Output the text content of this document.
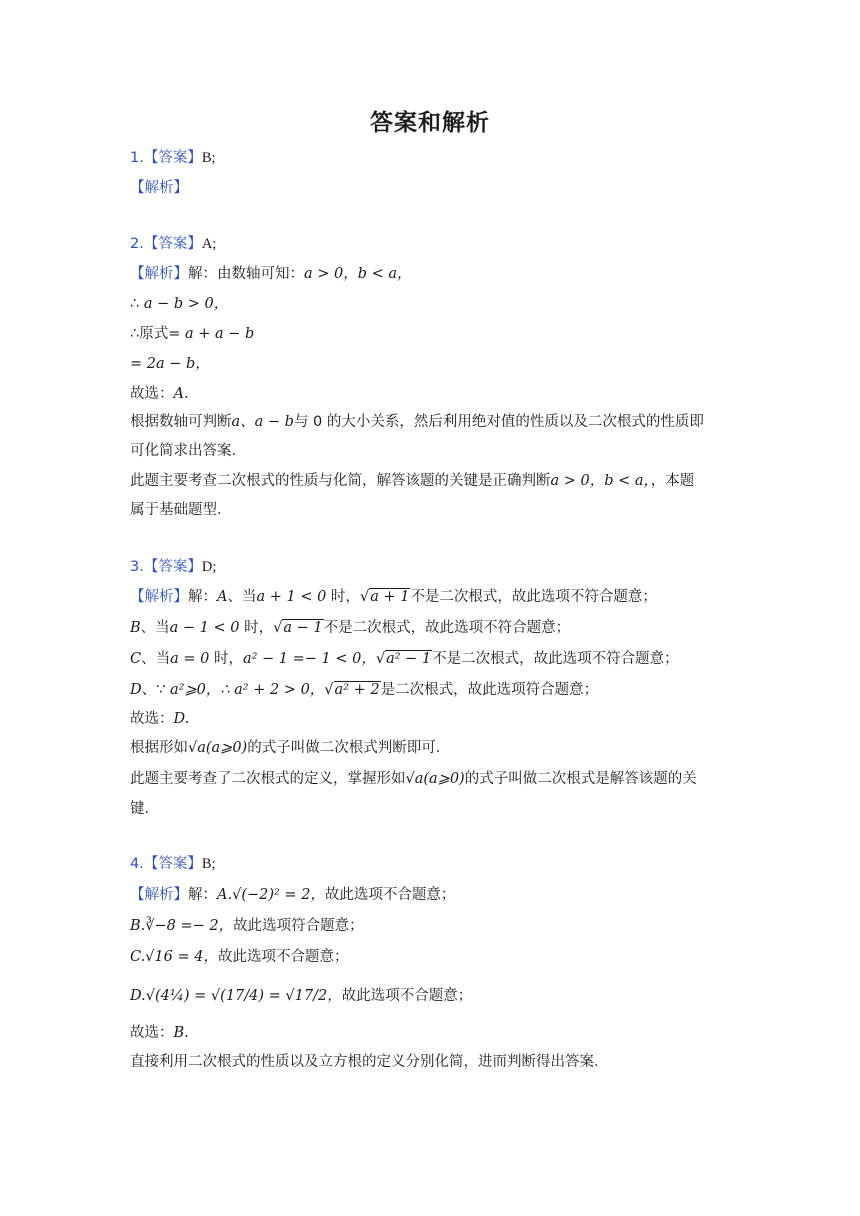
答案和解析
1.【答案】B;
【解析】
2.【答案】A;
【解析】解：由数轴可知：a > 0，b < a，
∴ a − b > 0，
∴原式= a + a − b
= 2a − b，
故选：A.
根据数轴可判断a、a − b与 0 的大小关系，然后利用绝对值的性质以及二次根式的性质即
可化简求出答案．
此题主要考查二次根式的性质与化简，解答该题的关键是正确判断a > 0，b < a，，本题
属于基础题型．
3.【答案】D;
【解析】解：A、当a + 1 < 0 时，√a + 1不是二次根式，故此选项不符合题意；
B、当a − 1 < 0 时，√a − 1不是二次根式，故此选项不符合题意；
C、当a = 0 时，a² − 1 =− 1 < 0，√a² − 1不是二次根式，故此选项不符合题意；
D、∵ a²⩾0，∴ a² + 2 > 0，√a² + 2是二次根式，故此选项符合题意；
故选：D.
根据形如√a(a⩾0)的式子叫做二次根式判断即可．
此题主要考查了二次根式的定义，掌握形如√a(a⩾0)的式子叫做二次根式是解答该题的关
键．
4.【答案】B;
【解析】解：A.√(−2)² = 2，故此选项不合题意；
B.∛−8 =− 2，故此选项符合题意；
C.√16 = 4，故此选项不合题意；
D.√(4¼) = √(17/4) = √17/2，故此选项不合题意；
故选：B.
直接利用二次根式的性质以及立方根的定义分别化简，进而判断得出答案．
